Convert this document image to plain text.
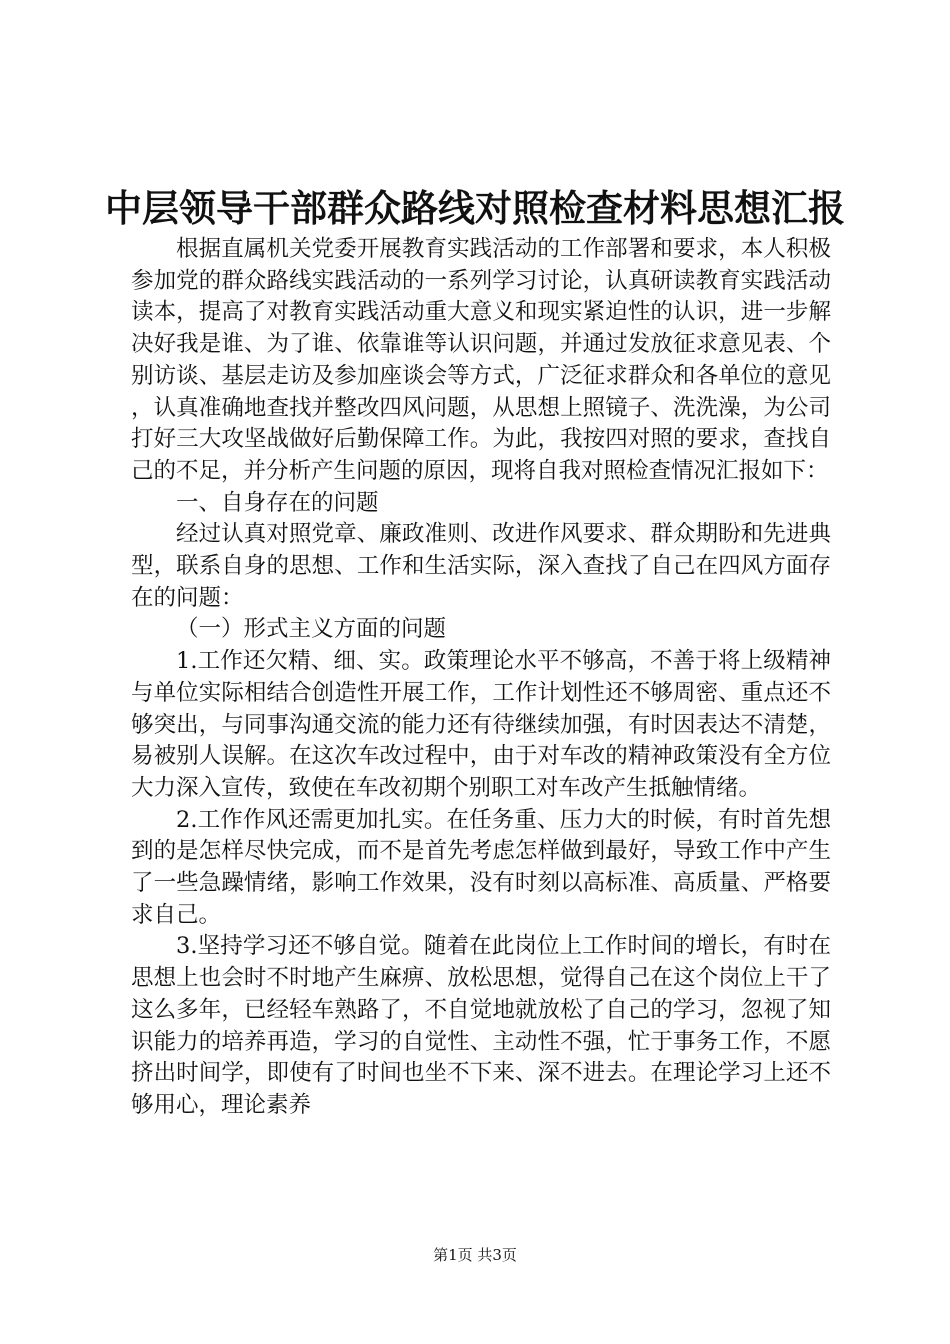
中层领导干部群众路线对照检查材料思想汇报

根据直属机关党委开展教育实践活动的工作部署和要求，本人积极参加党的群众路线实践活动的一系列学习讨论，认真研读教育实践活动读本，提高了对教育实践活动重大意义和现实紧迫性的认识，进一步解决好我是谁、为了谁、依靠谁等认识问题，并通过发放征求意见表、个别访谈、基层走访及参加座谈会等方式，广泛征求群众和各单位的意见，认真准确地查找并整改四风问题，从思想上照镜子、洗洗澡，为公司打好三大攻坚战做好后勤保障工作。为此，我按四对照的要求，查找自己的不足，并分析产生问题的原因，现将自我对照检查情况汇报如下：

一、自身存在的问题

经过认真对照党章、廉政准则、改进作风要求、群众期盼和先进典型，联系自身的思想、工作和生活实际，深入查找了自己在四风方面存在的问题：

（一）形式主义方面的问题

1.工作还欠精、细、实。政策理论水平不够高，不善于将上级精神与单位实际相结合创造性开展工作，工作计划性还不够周密、重点还不够突出，与同事沟通交流的能力还有待继续加强，有时因表达不清楚，易被别人误解。在这次车改过程中，由于对车改的精神政策没有全方位大力深入宣传，致使在车改初期个别职工对车改产生抵触情绪。

2.工作作风还需更加扎实。在任务重、压力大的时候，有时首先想到的是怎样尽快完成，而不是首先考虑怎样做到最好，导致工作中产生了一些急躁情绪，影响工作效果，没有时刻以高标准、高质量、严格要求自己。

3.坚持学习还不够自觉。随着在此岗位上工作时间的增长，有时在思想上也会时不时地产生麻痹、放松思想，觉得自己在这个岗位上干了这么多年，已经轻车熟路了，不自觉地就放松了自己的学习，忽视了知识能力的培养再造，学习的自觉性、主动性不强，忙于事务工作，不愿挤出时间学，即使有了时间也坐不下来、深不进去。在理论学习上还不够用心，理论素养

第1页 共3页
